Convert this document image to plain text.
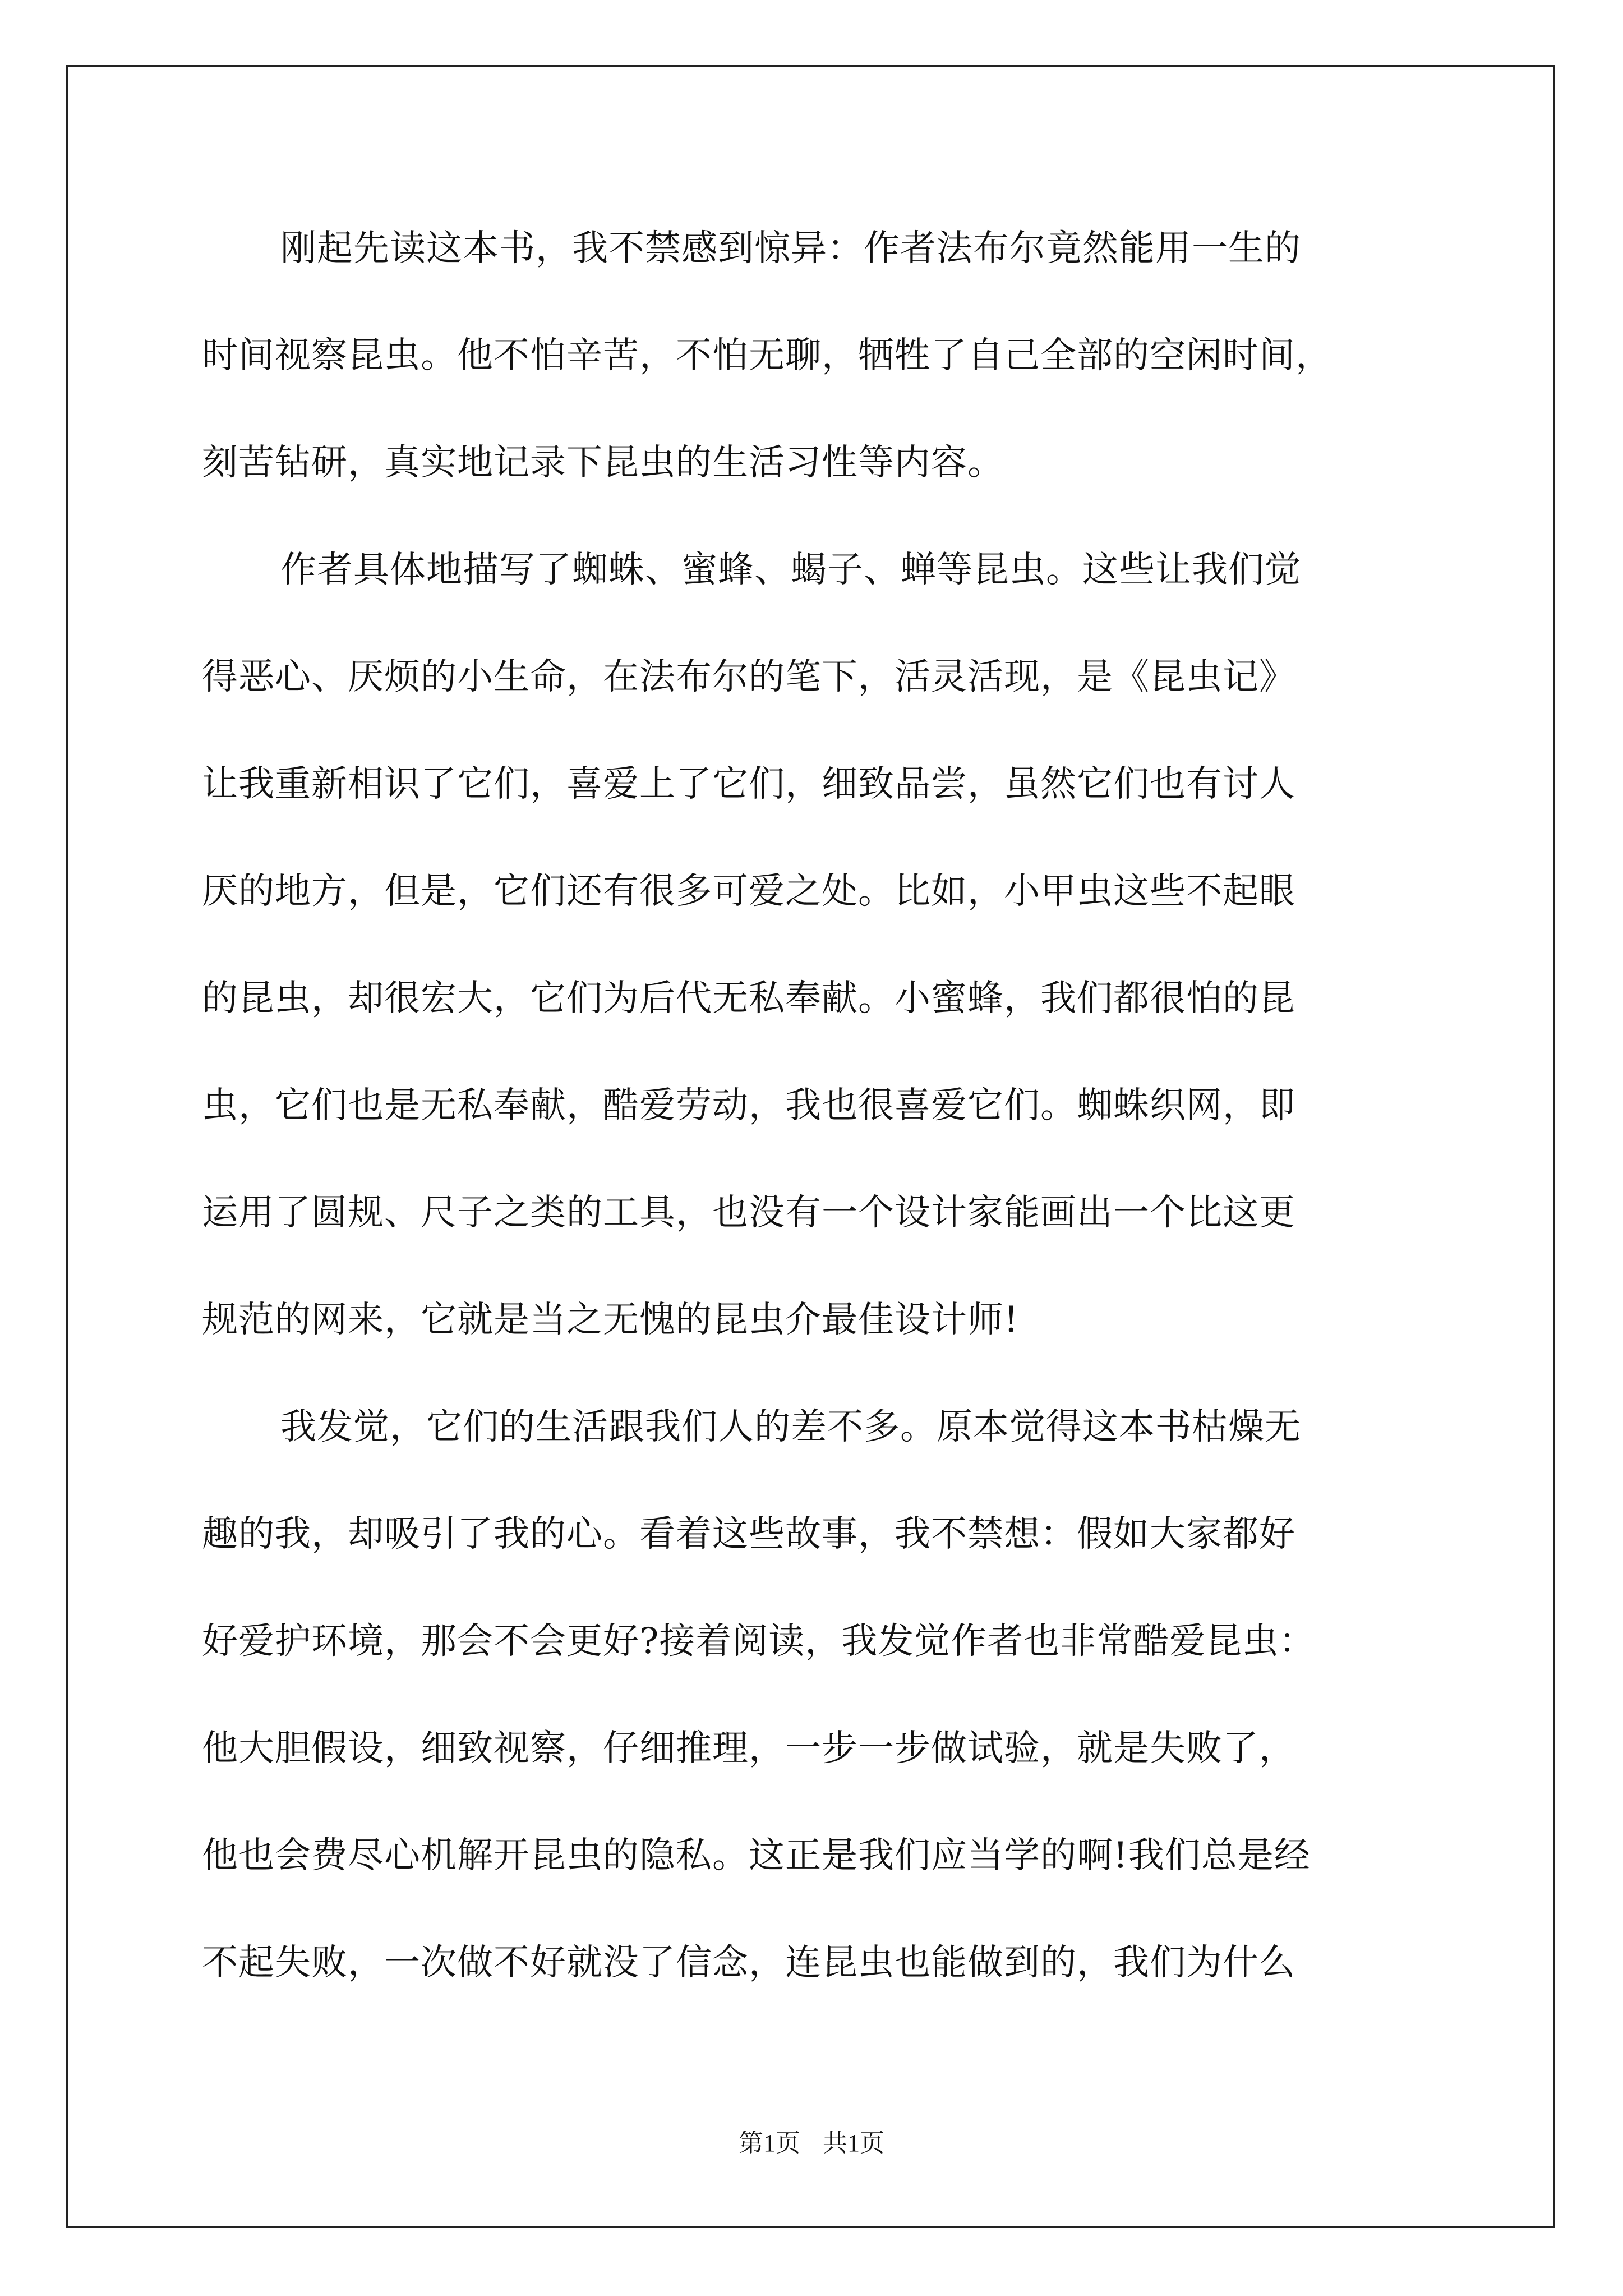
刚起先读这本书，我不禁感到惊异：作者法布尔竟然能用一生的
时间视察昆虫。他不怕辛苦，不怕无聊，牺牲了自己全部的空闲时间，
刻苦钻研，真实地记录下昆虫的生活习性等内容。
作者具体地描写了蜘蛛、蜜蜂、蝎子、蝉等昆虫。这些让我们觉
得恶心、厌烦的小生命，在法布尔的笔下，活灵活现，是《昆虫记》
让我重新相识了它们，喜爱上了它们，细致品尝，虽然它们也有讨人
厌的地方，但是，它们还有很多可爱之处。比如，小甲虫这些不起眼
的昆虫，却很宏大，它们为后代无私奉献。小蜜蜂，我们都很怕的昆
虫，它们也是无私奉献，酷爱劳动，我也很喜爱它们。蜘蛛织网，即
运用了圆规、尺子之类的工具，也没有一个设计家能画出一个比这更
规范的网来，它就是当之无愧的昆虫介最佳设计师!
我发觉，它们的生活跟我们人的差不多。原本觉得这本书枯燥无
趣的我，却吸引了我的心。看着这些故事，我不禁想：假如大家都好
好爱护环境，那会不会更好?接着阅读，我发觉作者也非常酷爱昆虫：
他大胆假设，细致视察，仔细推理，一步一步做试验，就是失败了，
他也会费尽心机解开昆虫的隐私。这正是我们应当学的啊!我们总是经
不起失败，一次做不好就没了信念，连昆虫也能做到的，我们为什么
第1页 共1页
